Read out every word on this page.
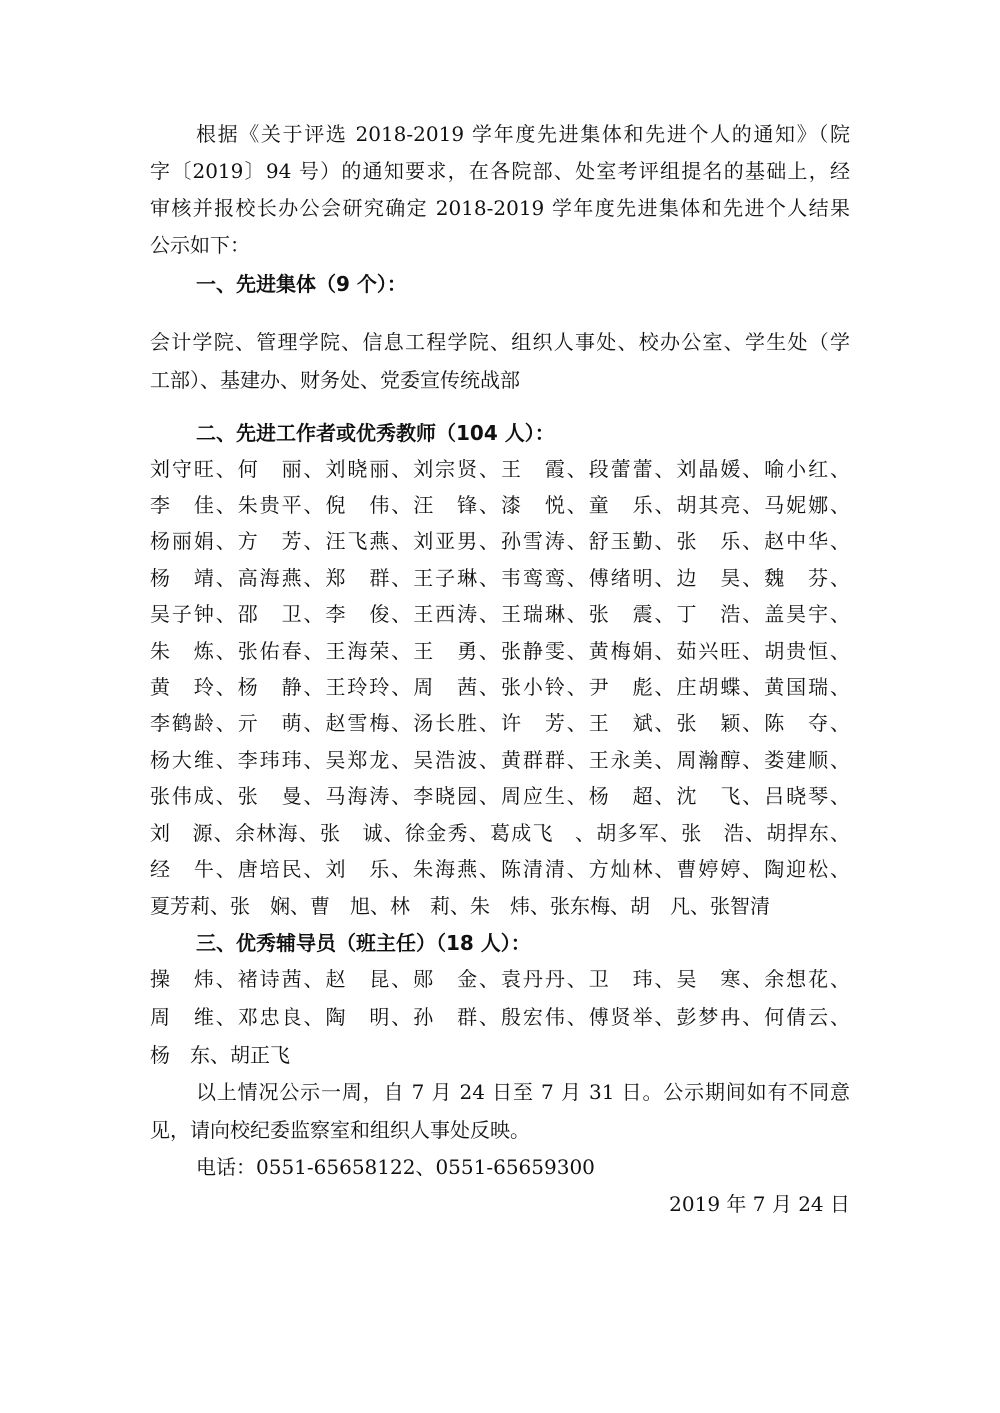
根据《关于评选 2018-2019 学年度先进集体和先进个人的通知》（院
字〔2019〕94 号）的通知要求，在各院部、处室考评组提名的基础上，经
审核并报校长办公会研究确定 2018-2019 学年度先进集体和先进个人结果
公示如下：
一、先进集体（9 个）：
会计学院、管理学院、信息工程学院、组织人事处、校办公室、学生处（学
工部）、基建办、财务处、党委宣传统战部
二、先进工作者或优秀教师（104 人）：
刘守旺、何　丽、刘晓丽、刘宗贤、王　霞、段蕾蕾、刘晶媛、喻小红、
李　佳、朱贵平、倪　伟、汪　锋、漆　悦、童　乐、胡其亮、马妮娜、
杨丽娟、方　芳、汪飞燕、刘亚男、孙雪涛、舒玉勤、张　乐、赵中华、
杨　靖、高海燕、郑　群、王子琳、韦鸾鸾、傅绪明、边　昊、魏　芬、
吴子钟、邵　卫、李　俊、王西涛、王瑞琳、张　震、丁　浩、盖昊宇、
朱　炼、张佑春、王海荣、王　勇、张静雯、黄梅娟、茹兴旺、胡贵恒、
黄　玲、杨　静、王玲玲、周　茜、张小铃、尹　彪、庄胡蝶、黄国瑞、
李鹤龄、亓　萌、赵雪梅、汤长胜、许　芳、王　斌、张　颖、陈　夺、
杨大维、李玮玮、吴郑龙、吴浩波、黄群群、王永美、周瀚醇、娄建顺、
张伟成、张　曼、马海涛、李晓园、周应生、杨　超、沈　飞、吕晓琴、
刘　源、余林海、张　诚、徐金秀、葛成飞　、胡多军、张　浩、胡捍东、
经　牛、唐培民、刘　乐、朱海燕、陈清清、方灿林、曹婷婷、陶迎松、
夏芳莉、张　娴、曹　旭、林　莉、朱　炜、张东梅、胡　凡、张智清
三、优秀辅导员（班主任）（18 人）：
操　炜、褚诗茜、赵　昆、郧　金、袁丹丹、卫　玮、吴　寒、余想花、
周　维、邓忠良、陶　明、孙　群、殷宏伟、傅贤举、彭梦冉、何倩云、
杨　东、胡正飞
以上情况公示一周，自 7 月 24 日至 7 月 31 日。公示期间如有不同意
见，请向校纪委监察室和组织人事处反映。
电话：0551-65658122、0551-65659300
2019 年 7 月 24 日
